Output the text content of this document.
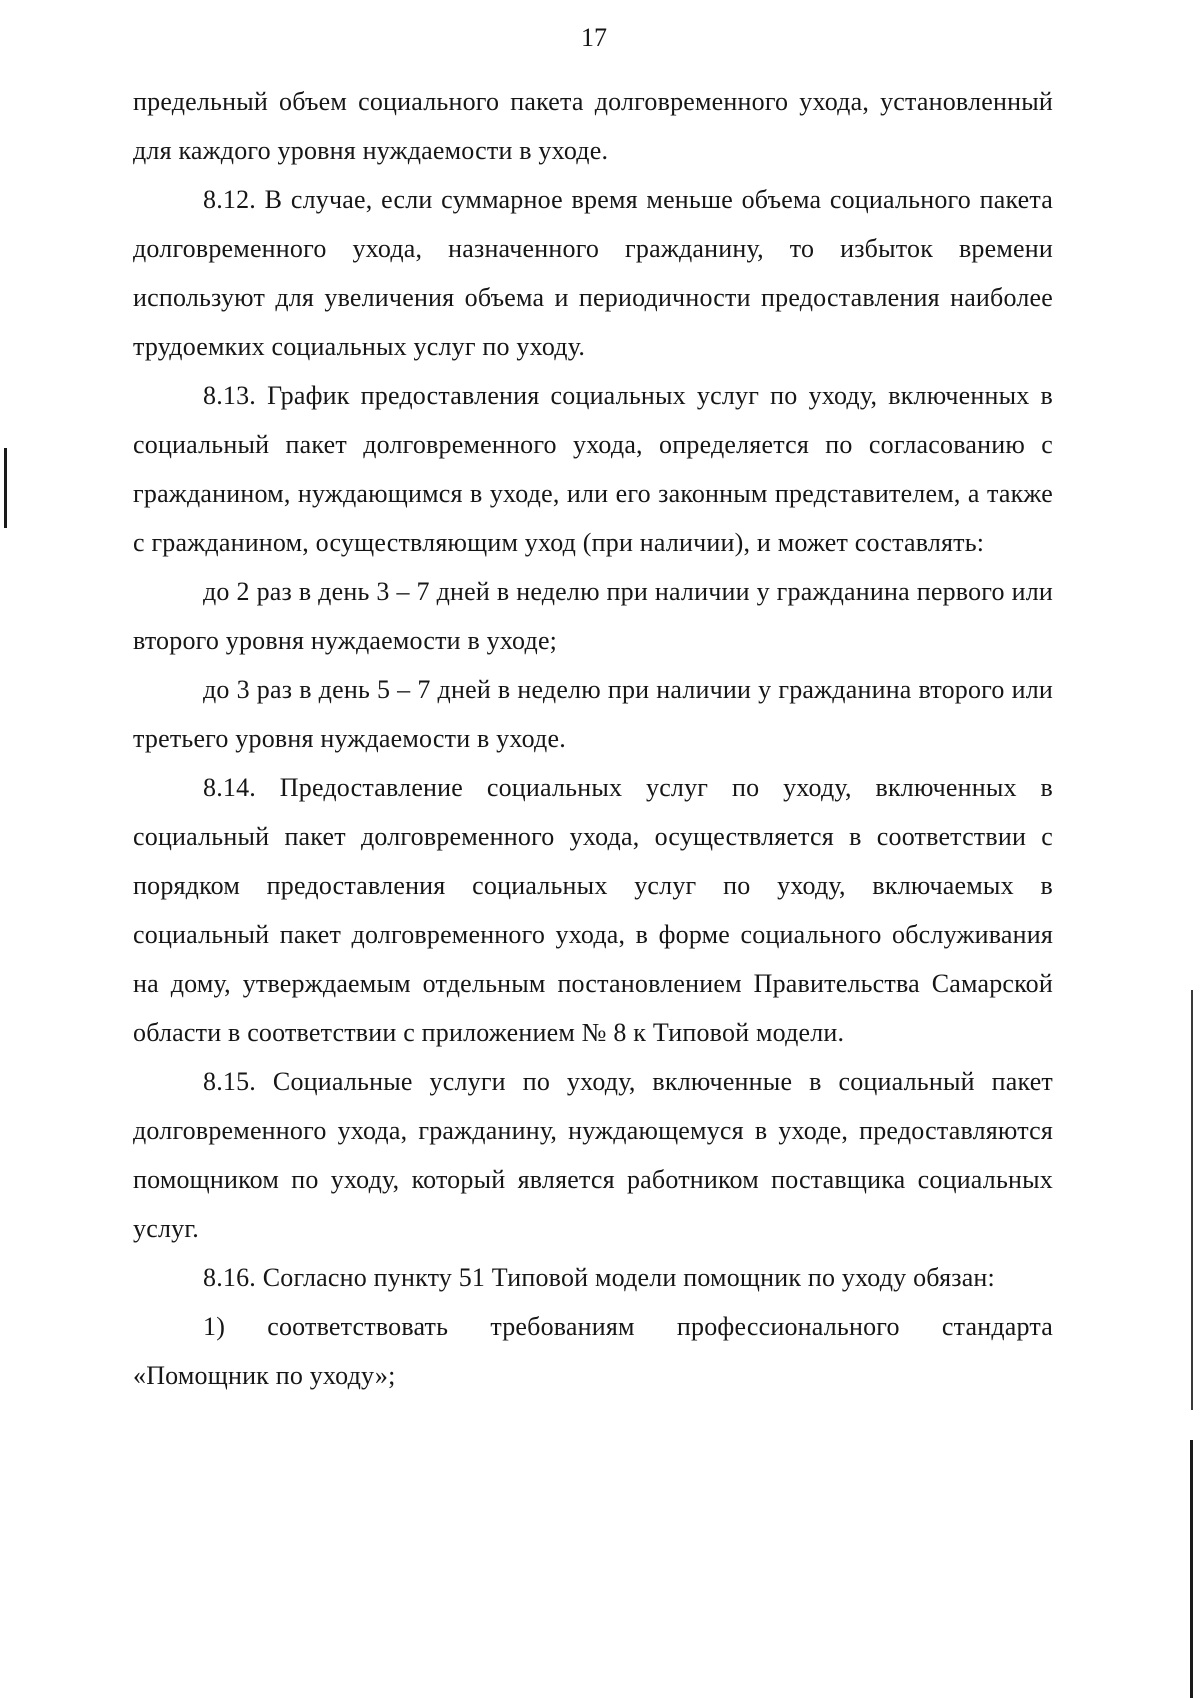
17

предельный объем социального пакета долговременного ухода, установленный для каждого уровня нуждаемости в уходе.

8.12. В случае, если суммарное время меньше объема социального пакета долговременного ухода, назначенного гражданину, то избыток времени используют для увеличения объема и периодичности предоставления наиболее трудоемких социальных услуг по уходу.

8.13. График предоставления социальных услуг по уходу, включенных в социальный пакет долговременного ухода, определяется по согласованию с гражданином, нуждающимся в уходе, или его законным представителем, а также с гражданином, осуществляющим уход (при наличии), и может составлять:

до 2 раз в день 3 – 7 дней в неделю при наличии у гражданина первого или второго уровня нуждаемости в уходе;

до 3 раз в день 5 – 7 дней в неделю при наличии у гражданина второго или третьего уровня нуждаемости в уходе.

8.14. Предоставление социальных услуг по уходу, включенных в социальный пакет долговременного ухода, осуществляется в соответствии с порядком предоставления социальных услуг по уходу, включаемых в социальный пакет долговременного ухода, в форме социального обслуживания на дому, утверждаемым отдельным постановлением Правительства Самарской области в соответствии с приложением № 8 к Типовой модели.

8.15. Социальные услуги по уходу, включенные в социальный пакет долговременного ухода, гражданину, нуждающемуся в уходе, предоставляются помощником по уходу, который является работником поставщика социальных услуг.

8.16. Согласно пункту 51 Типовой модели помощник по уходу обязан:

1) соответствовать требованиям профессионального стандарта «Помощник по уходу»;
